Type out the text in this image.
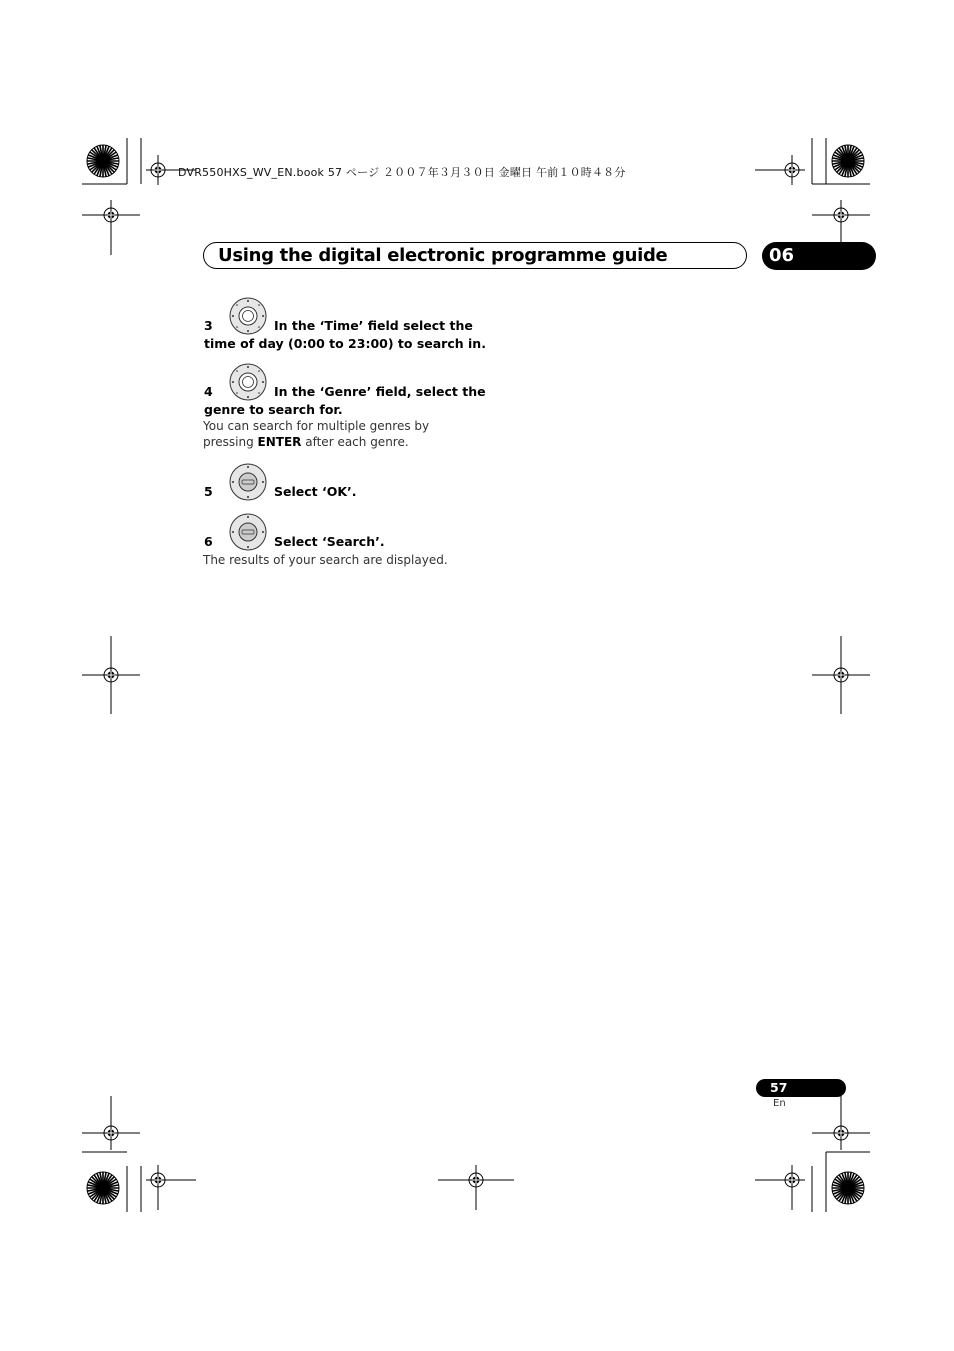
DVR550HXS_WV_EN.book 57 ページ ２００７年３月３０日 金曜日 午前１０時４８分
Using the digital electronic programme guide	06
3	In the ‘Time’ field select the
time of day (0:00 to 23:00) to search in.
4	In the ‘Genre’ field, select the
genre to search for.
You can search for multiple genres by
pressing ENTER after each genre.
5	Select ‘OK’.
6	Select ‘Search’.
The results of your search are displayed.
57
En
